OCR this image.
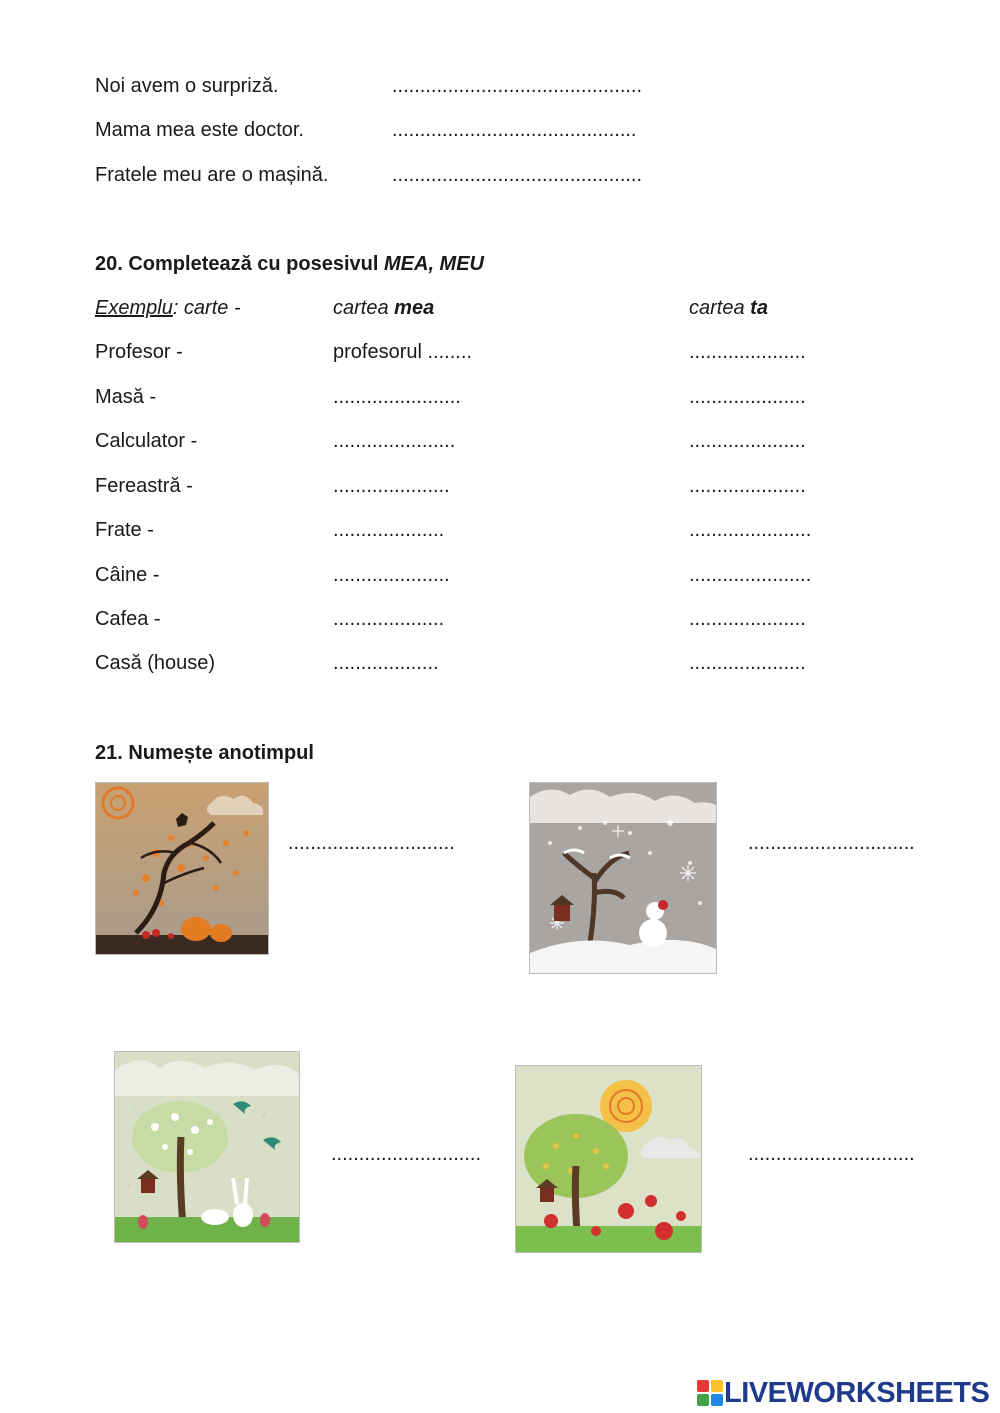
Noi avem o surpriză.	.............................................
Mama mea este doctor.	............................................
Fratele meu are o mașină.	.............................................
20. Completează cu posesivul MEA, MEU
Exemplu: carte -	cartea mea	cartea ta
Profesor -	profesorul ........	.....................
Masă -	.......................	.....................
Calculator -	......................	.....................
Fereastră -	.....................	.....................
Frate -	....................	......................
Câine -	.....................	......................
Cafea -	....................	.....................
Casă (house)	...................	.....................
21. Numește anotimpul
..............................	..............................
...........................	..............................
LIVEWORKSHEETS
